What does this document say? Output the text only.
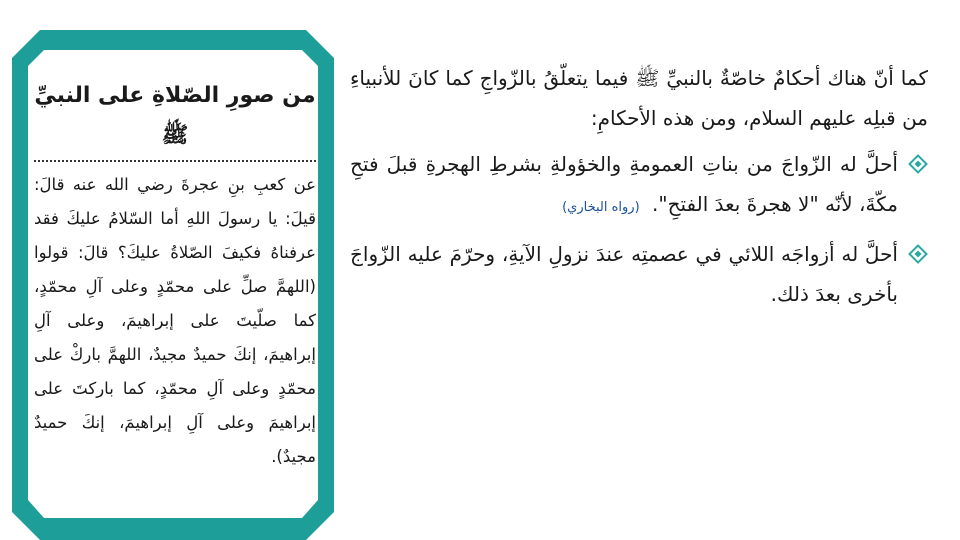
من صورِ الصّلاةِ على النبيِّ ﷺ
عن كعبِ بنِ عجرةَ رضي الله عنه قالَ: قيلَ: يا رسولَ اللهِ أما السّلامُ عليكَ فقد عرفناهُ فكيفَ الصّلاةُ عليكَ؟ قالَ: قولوا (اللهمَّ صلِّ على محمّدٍ وعلى آلِ محمّدٍ، كما صلّيتَ على إبراهيمَ، وعلى آلِ إبراهيمَ، إنكَ حميدٌ مجيدٌ، اللهمَّ باركْ على محمّدٍ وعلى آلِ محمّدٍ، كما باركتَ على إبراهيمَ وعلى آلِ إبراهيمَ، إنكَ حميدٌ مجيدٌ).

كما أنّ هناك أحكامٌ خاصّةٌ بالنبيِّ ﷺ فيما يتعلّقُ بالزّواجِ كما كانَ للأنبياءِ من قبلِه عليهم السلام، ومن هذه الأحكامِ:

أحلَّ له الزّواجَ من بناتِ العمومةِ والخؤولةِ بشرطِ الهجرةِ قبلَ فتحِ مكّةَ، لأنّه "لا هجرةَ بعدَ الفتحِ". (رواه البخاري)
أحلَّ له أزواجَه اللائي في عصمتِه عندَ نزولِ الآيةِ، وحرّمَ عليه الزّواجَ بأخرى بعدَ ذلك.
